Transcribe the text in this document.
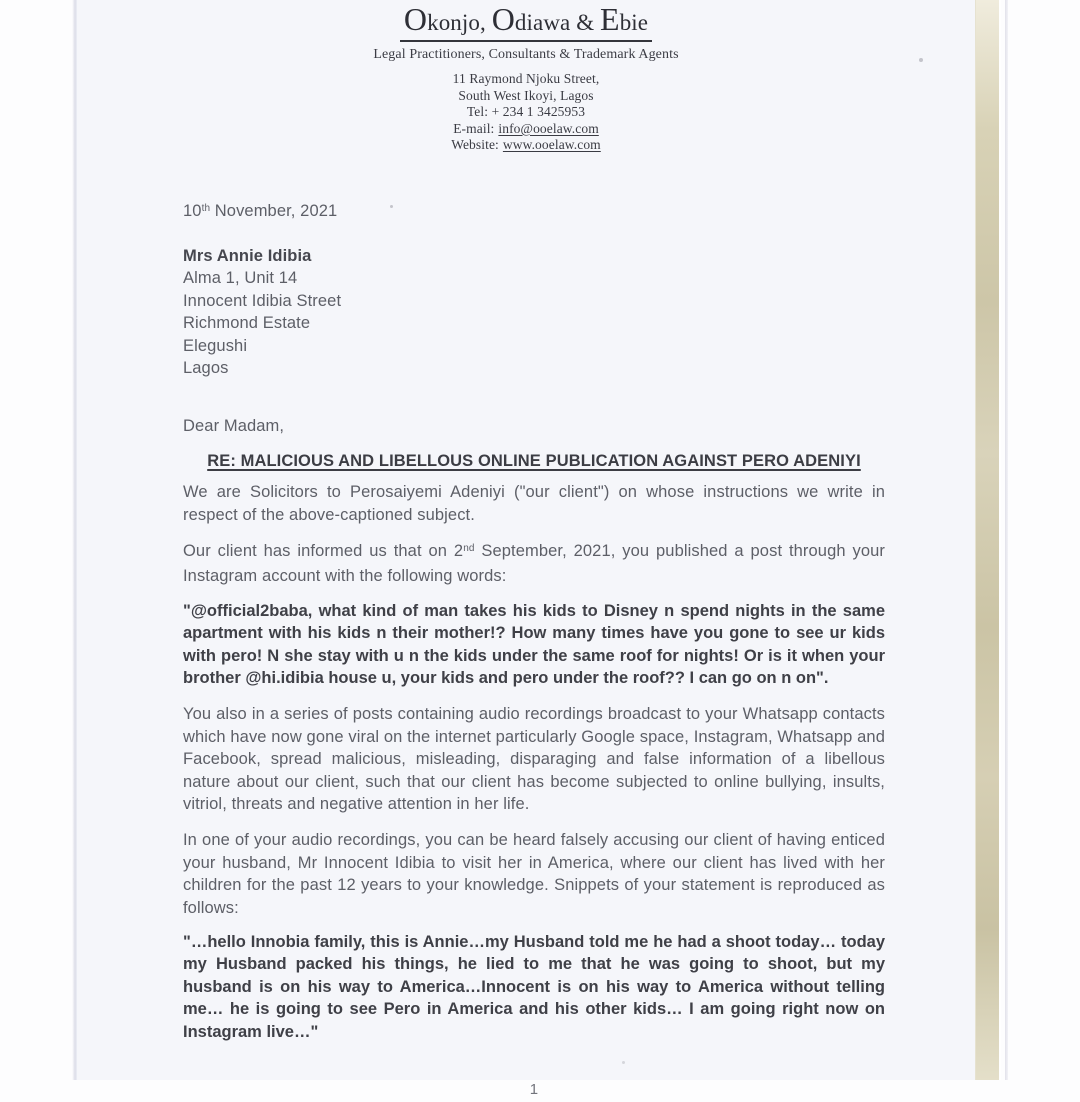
Okonjo, Odiawa & Ebie
Legal Practitioners, Consultants & Trademark Agents
11 Raymond Njoku Street,
South West Ikoyi, Lagos
Tel: + 234 1 3425953
E-mail: info@ooelaw.com
Website: www.ooelaw.com
10th November, 2021
Mrs Annie Idibia
Alma 1, Unit 14
Innocent Idibia Street
Richmond Estate
Elegushi
Lagos
Dear Madam,
RE: MALICIOUS AND LIBELLOUS ONLINE PUBLICATION AGAINST PERO ADENIYI

We are Solicitors to Perosaiyemi Adeniyi ("our client") on whose instructions we write in respect of the above-captioned subject.

Our client has informed us that on 2nd September, 2021, you published a post through your Instagram account with the following words:

"@official2baba, what kind of man takes his kids to Disney n spend nights in the same apartment with his kids n their mother!? How many times have you gone to see ur kids with pero! N she stay with u n the kids under the same roof for nights! Or is it when your brother @hi.idibia house u, your kids and pero under the roof?? I can go on n on".

You also in a series of posts containing audio recordings broadcast to your Whatsapp contacts which have now gone viral on the internet particularly Google space, Instagram, Whatsapp and Facebook, spread malicious, misleading, disparaging and false information of a libellous nature about our client, such that our client has become subjected to online bullying, insults, vitriol, threats and negative attention in her life.

In one of your audio recordings, you can be heard falsely accusing our client of having enticed your husband, Mr Innocent Idibia to visit her in America, where our client has lived with her children for the past 12 years to your knowledge. Snippets of your statement is reproduced as follows:

"…hello Innobia family, this is Annie…my Husband told me he had a shoot today… today my Husband packed his things, he lied to me that he was going to shoot, but my husband is on his way to America…Innocent is on his way to America without telling me… he is going to see Pero in America and his other kids… I am going right now on Instagram live…"

1
